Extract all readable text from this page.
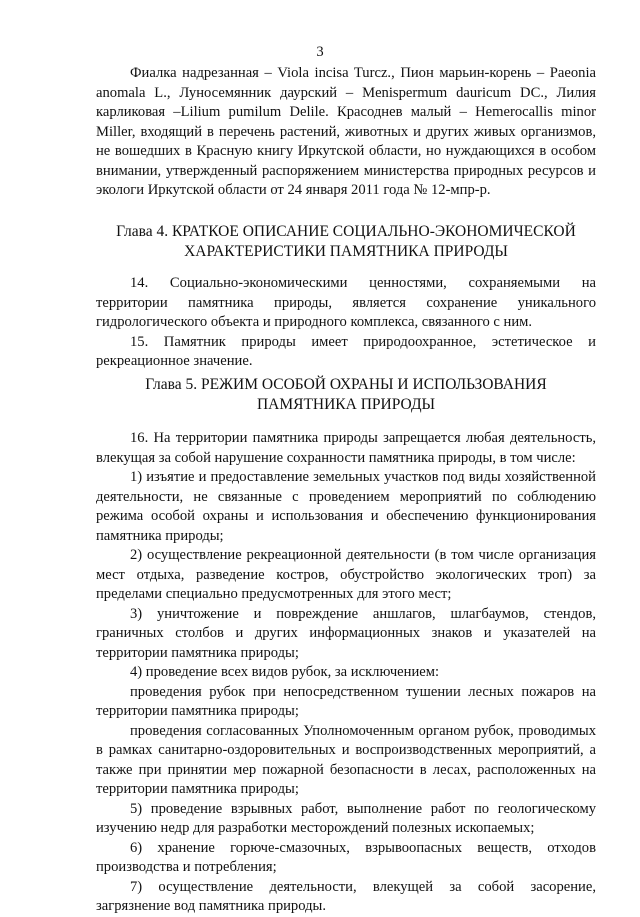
3

Фиалка надрезанная – Viola incisa Turcz., Пион марьин-корень – Paeonia anomala L., Луносемянник даурский – Menispermum dauricum DC., Лилия карликовая –Lilium pumilum Delile. Красоднев малый – Hemerocallis minor Miller, входящий в перечень растений, животных и других живых организмов, не вошедших в Красную книгу Иркутской области, но нуждающихся в особом внимании, утвержденный распоряжением министерства природных ресурсов и экологи Иркутской области от 24 января 2011 года № 12-мпр-р.

Глава 4. КРАТКОЕ ОПИСАНИЕ СОЦИАЛЬНО-ЭКОНОМИЧЕСКОЙ
ХАРАКТЕРИСТИКИ ПАМЯТНИКА ПРИРОДЫ

14. Социально-экономическими ценностями, сохраняемыми на территории памятника природы, является сохранение уникального гидрологического объекта и природного комплекса, связанного с ним.

15. Памятник природы имеет природоохранное, эстетическое и рекреационное значение.

Глава 5. РЕЖИМ ОСОБОЙ ОХРАНЫ И ИСПОЛЬЗОВАНИЯ
ПАМЯТНИКА ПРИРОДЫ

16. На территории памятника природы запрещается любая деятельность, влекущая за собой нарушение сохранности памятника природы, в том числе:

1) изъятие и предоставление земельных участков под виды хозяйственной деятельности, не связанные с проведением мероприятий по соблюдению режима особой охраны и использования и обеспечению функционирования памятника природы;

2) осуществление рекреационной деятельности (в том числе организация мест отдыха, разведение костров, обустройство экологических троп) за пределами специально предусмотренных для этого мест;

3) уничтожение и повреждение аншлагов, шлагбаумов, стендов, граничных столбов и других информационных знаков и указателей на территории памятника природы;

4) проведение всех видов рубок, за исключением:

проведения рубок при непосредственном тушении лесных пожаров на территории памятника природы;

проведения согласованных Уполномоченным органом рубок, проводимых в рамках санитарно-оздоровительных и воспроизводственных мероприятий, а также при принятии мер пожарной безопасности в лесах, расположенных на территории памятника природы;

5) проведение взрывных работ, выполнение работ по геологическому изучению недр для разработки месторождений полезных ископаемых;

6) хранение горюче-смазочных, взрывоопасных веществ, отходов производства и потребления;

7) осуществление деятельности, влекущей за собой засорение, загрязнение вод памятника природы.
